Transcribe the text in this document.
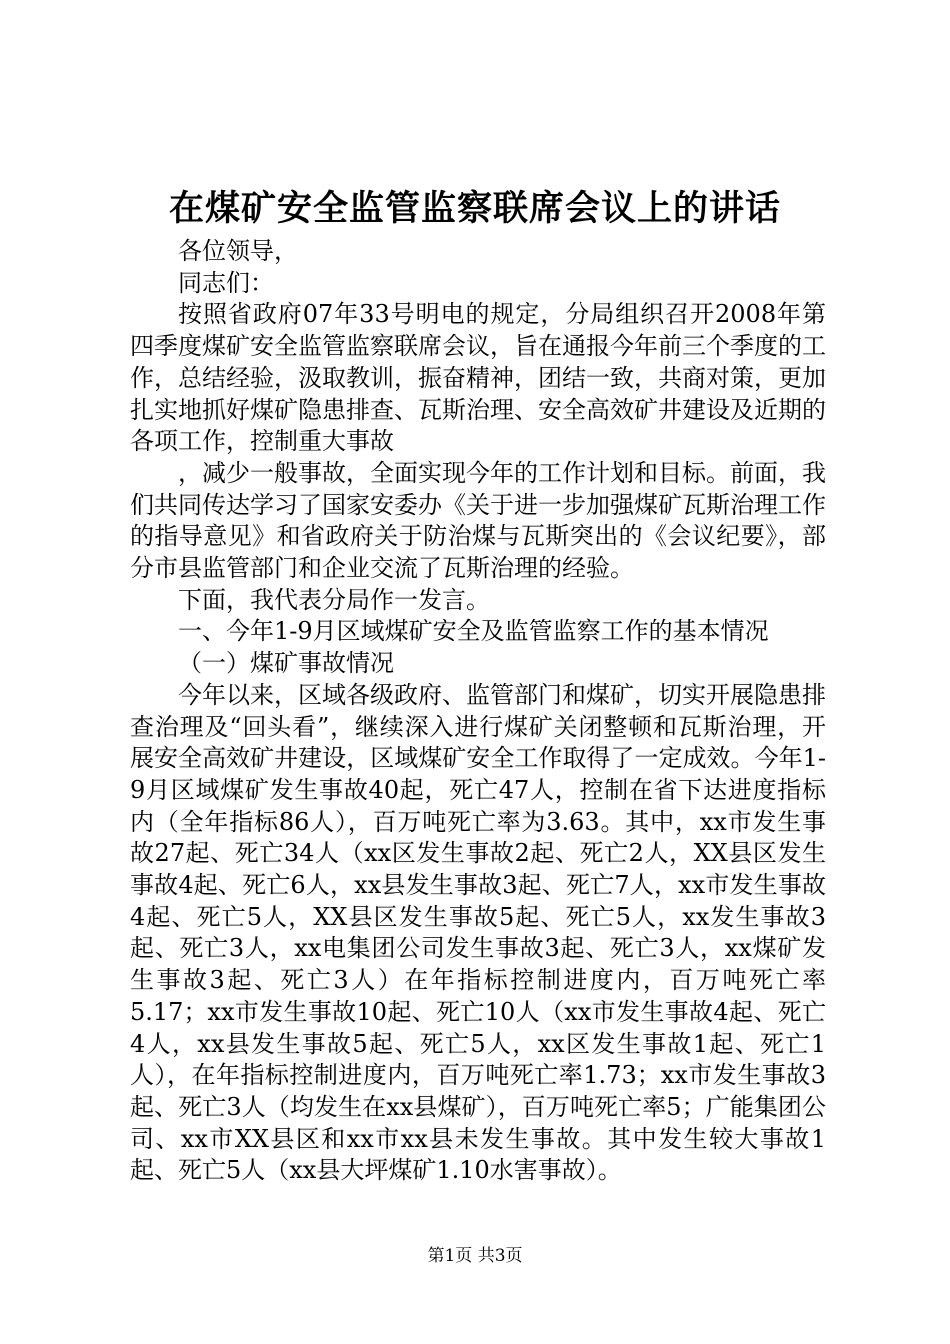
在煤矿安全监管监察联席会议上的讲话

各位领导，

同志们：

按照省政府07年33号明电的规定，分局组织召开2008年第四季度煤矿安全监管监察联席会议，旨在通报今年前三个季度的工作，总结经验，汲取教训，振奋精神，团结一致，共商对策，更加扎实地抓好煤矿隐患排查、瓦斯治理、安全高效矿井建设及近期的各项工作，控制重大事故

，减少一般事故，全面实现今年的工作计划和目标。前面，我们共同传达学习了国家安委办《关于进一步加强煤矿瓦斯治理工作的指导意见》和省政府关于防治煤与瓦斯突出的《会议纪要》，部分市县监管部门和企业交流了瓦斯治理的经验。

下面，我代表分局作一发言。

一、今年1-9月区域煤矿安全及监管监察工作的基本情况

（一）煤矿事故情况

今年以来，区域各级政府、监管部门和煤矿，切实开展隐患排查治理及“回头看”，继续深入进行煤矿关闭整顿和瓦斯治理，开展安全高效矿井建设，区域煤矿安全工作取得了一定成效。今年1-9月区域煤矿发生事故40起，死亡47人，控制在省下达进度指标内（全年指标86人），百万吨死亡率为3.63。其中，xx市发生事故27起、死亡34人（xx区发生事故2起、死亡2人，XX县区发生事故4起、死亡6人，xx县发生事故3起、死亡7人，xx市发生事故4起、死亡5人，XX县区发生事故5起、死亡5人，xx发生事故3起、死亡3人，xx电集团公司发生事故3起、死亡3人，xx煤矿发生事故3起、死亡3人）在年指标控制进度内，百万吨死亡率5.17；xx市发生事故10起、死亡10人（xx市发生事故4起、死亡4人，xx县发生事故5起、死亡5人，xx区发生事故1起、死亡1人），在年指标控制进度内，百万吨死亡率1.73；xx市发生事故3起、死亡3人（均发生在xx县煤矿），百万吨死亡率5；广能集团公司、xx市XX县区和xx市xx县未发生事故。其中发生较大事故1起、死亡5人（xx县大坪煤矿1.10水害事故）。

第1页 共3页
